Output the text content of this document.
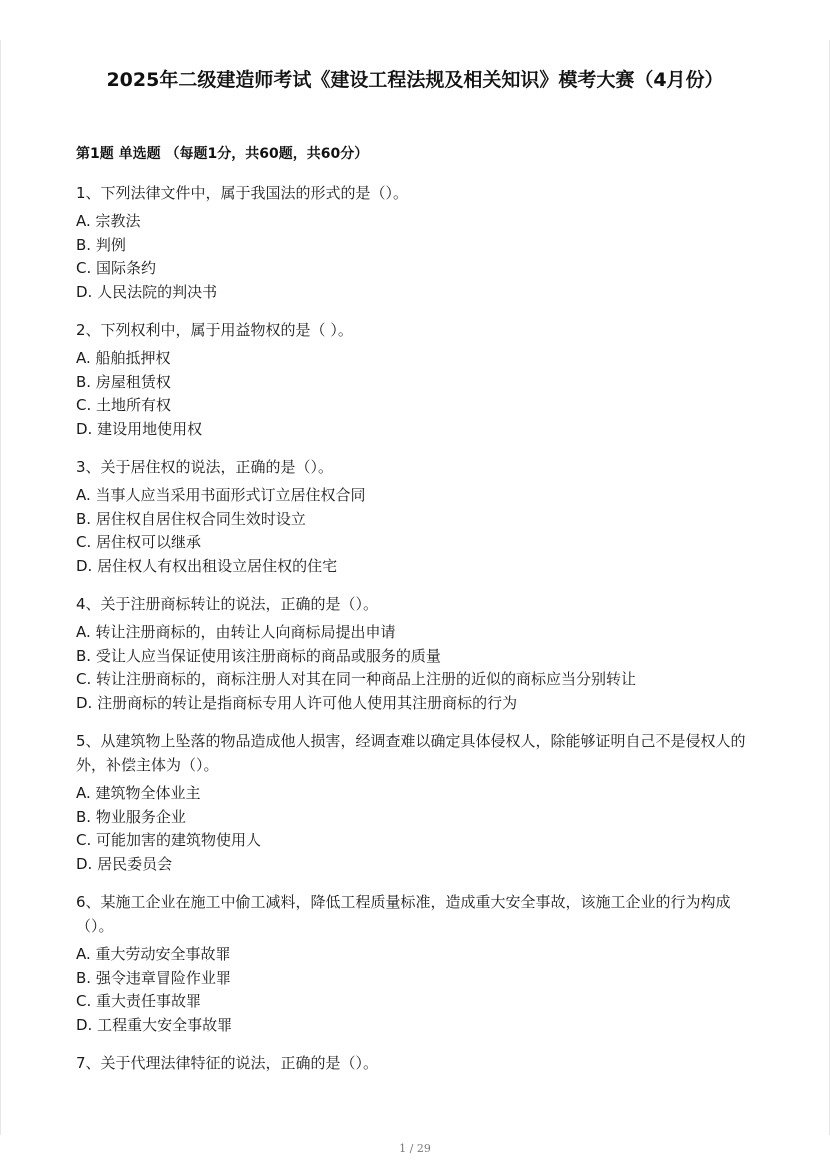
2025年二级建造师考试《建设工程法规及相关知识》模考大赛（4月份）
第1题 单选题 （每题1分，共60题，共60分）
1、下列法律文件中，属于我国法的形式的是（）。
A. 宗教法
B. 判例
C. 国际条约
D. 人民法院的判决书
2、下列权利中，属于用益物权的是（ ）。
A. 船舶抵押权
B. 房屋租赁权
C. 土地所有权
D. 建设用地使用权
3、关于居住权的说法，正确的是（）。
A. 当事人应当采用书面形式订立居住权合同
B. 居住权自居住权合同生效时设立
C. 居住权可以继承
D. 居住权人有权出租设立居住权的住宅
4、关于注册商标转让的说法，正确的是（）。
A. 转让注册商标的，由转让人向商标局提出申请
B. 受让人应当保证使用该注册商标的商品或服务的质量
C. 转让注册商标的，商标注册人对其在同一种商品上注册的近似的商标应当分别转让
D. 注册商标的转让是指商标专用人许可他人使用其注册商标的行为
5、从建筑物上坠落的物品造成他人损害，经调查难以确定具体侵权人，除能够证明自己不是侵权人的外，补偿主体为（）。
A. 建筑物全体业主
B. 物业服务企业
C. 可能加害的建筑物使用人
D. 居民委员会
6、某施工企业在施工中偷工减料，降低工程质量标准，造成重大安全事故，该施工企业的行为构成（）。
A. 重大劳动安全事故罪
B. 强令违章冒险作业罪
C. 重大责任事故罪
D. 工程重大安全事故罪
7、关于代理法律特征的说法，正确的是（）。
1 / 29
